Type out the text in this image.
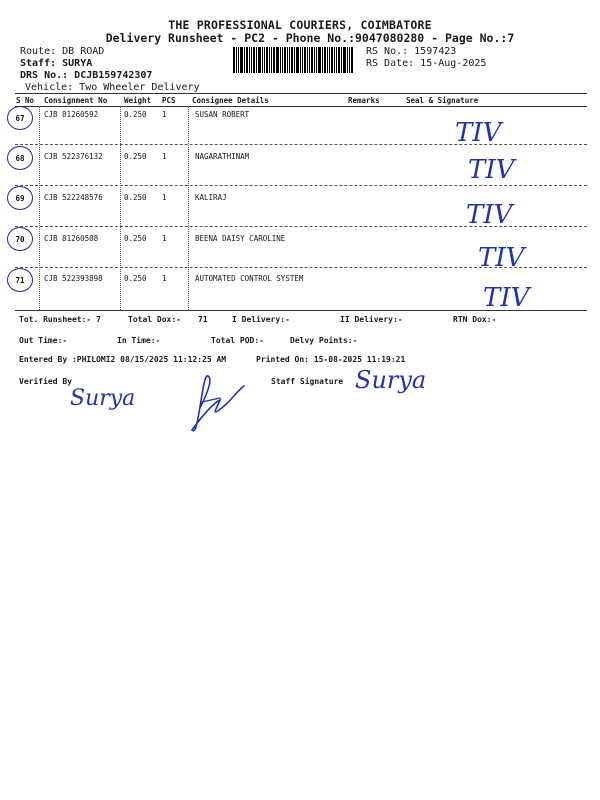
THE PROFESSIONAL COURIERS, COIMBATORE
Delivery Runsheet - PC2 - Phone No.:9047080280 - Page No.:7
Route: DB ROAD
Staff: SURYA
DRS No.: DCJB159742307
Vehicle: Two Wheeler Delivery
RS No.: 1597423
RS Date: 15-Aug-2025
S No Consignment No Weight PCS Consignee Details	Remarks	Seal & Signature
67	CJB 81260592	0.250 1	SUSAN ROBERT
TIV
68	CJB 522376132	0.250 1	NAGARATHINAM	TIV
69	CJB 522248576	0.250 1	KALIRAJ
TIV
70	CJB 81260508	0.250 1	BEENA DAISY CAROLINE
TIV
71	CJB 522393898	0.250 1	AUTOMATED CONTROL SYSTEM
TIV
Tot. Runsheet:- 7	Total Dox:- 71	I Delivery:-	II Delivery:-	RTN Dox:-
Out Time:-	In Time:-	Total POD:-	Delvy Points:-
Entered By :PHILOMI2 08/15/2025 11:12:25 AM	Printed On: 15-08-2025 11:19:21
Verified By
Surya
Staff Signature Surya
